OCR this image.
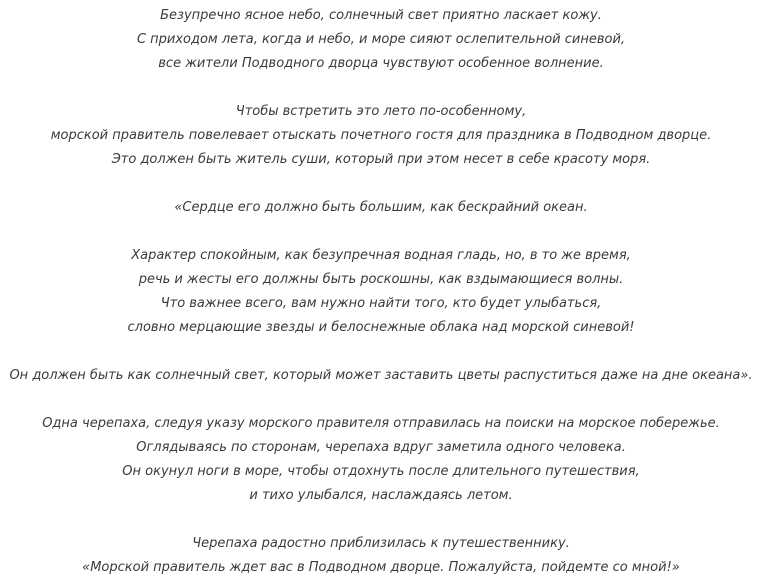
Безупречно ясное небо, солнечный свет приятно ласкает кожу.
С приходом лета, когда и небо, и море сияют ослепительной синевой,
все жители Подводного дворца чувствуют особенное волнение.
Чтобы встретить это лето по-особенному,
морской правитель повелевает отыскать почетного гостя для праздника в Подводном дворце.
Это должен быть житель суши, который при этом несет в себе красоту моря.
«Сердце его должно быть большим, как бескрайний океан.
Характер спокойным, как безупречная водная гладь, но, в то же время,
речь и жесты его должны быть роскошны, как вздымающиеся волны.
Что важнее всего, вам нужно найти того, кто будет улыбаться,
словно мерцающие звезды и белоснежные облака над морской синевой!
Он должен быть как солнечный свет, который может заставить цветы распуститься даже на дне океана».
Одна черепаха, следуя указу морского правителя отправилась на поиски на морское побережье.
Оглядываясь по сторонам, черепаха вдруг заметила одного человека.
Он окунул ноги в море, чтобы отдохнуть после длительного путешествия,
и тихо улыбался, наслаждаясь летом.
Черепаха радостно приблизилась к путешественнику.
«Морской правитель ждет вас в Подводном дворце. Пожалуйста, пойдемте со мной!»
